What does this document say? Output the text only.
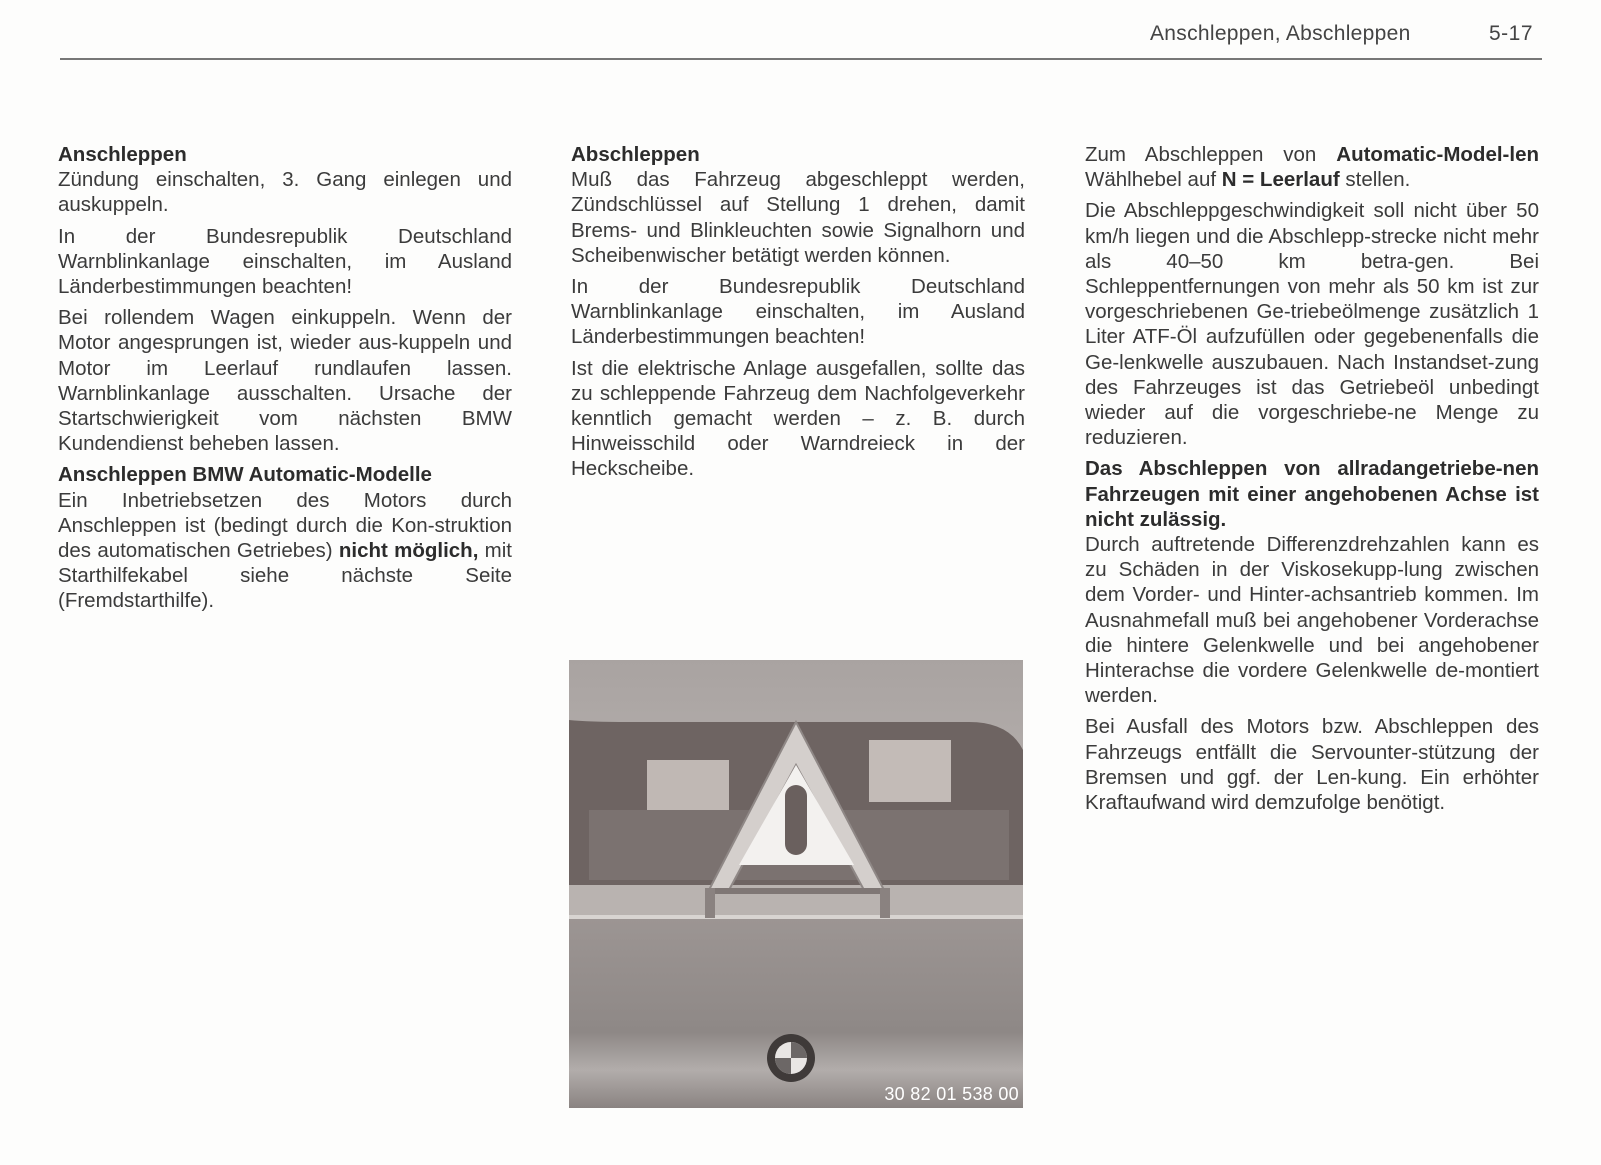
Anschleppen, Abschleppen	5-17
Anschleppen

Zündung einschalten, 3. Gang einlegen und auskuppeln.

In der Bundesrepublik Deutschland Warnblinkanlage einschalten, im Ausland Länderbestimmungen beachten!

Bei rollendem Wagen einkuppeln. Wenn der Motor angesprungen ist, wieder aus-kuppeln und Motor im Leerlauf rundlaufen lassen. Warnblinkanlage ausschalten. Ursache der Startschwierigkeit vom nächsten BMW Kundendienst beheben lassen.

Anschleppen BMW Automatic-Modelle

Ein Inbetriebsetzen des Motors durch Anschleppen ist (bedingt durch die Kon-struktion des automatischen Getriebes) nicht möglich, mit Starthilfekabel siehe nächste Seite (Fremdstarthilfe).

Abschleppen

Muß das Fahrzeug abgeschleppt werden, Zündschlüssel auf Stellung 1 drehen, damit Brems- und Blinkleuchten sowie Signalhorn und Scheibenwischer betätigt werden können.

In der Bundesrepublik Deutschland Warnblinkanlage einschalten, im Ausland Länderbestimmungen beachten!

Ist die elektrische Anlage ausgefallen, sollte das zu schleppende Fahrzeug dem Nachfolgeverkehr kenntlich gemacht werden – z. B. durch Hinweisschild oder Warndreieck in der Heckscheibe.

30 82 01 538 00

Zum Abschleppen von Automatic-Model-len Wählhebel auf N = Leerlauf stellen.

Die Abschleppgeschwindigkeit soll nicht über 50 km/h liegen und die Abschlepp-strecke nicht mehr als 40–50 km betra-gen. Bei Schleppentfernungen von mehr als 50 km ist zur vorgeschriebenen Ge-triebeölmenge zusätzlich 1 Liter ATF-Öl aufzufüllen oder gegebenenfalls die Ge-lenkwelle auszubauen. Nach Instandset-zung des Fahrzeuges ist das Getriebeöl unbedingt wieder auf die vorgeschriebe-ne Menge zu reduzieren.

Das Abschleppen von allradangetriebe-nen Fahrzeugen mit einer angehobenen Achse ist nicht zulässig.

Durch auftretende Differenzdrehzahlen kann es zu Schäden in der Viskosekupp-lung zwischen dem Vorder- und Hinter-achsantrieb kommen. Im Ausnahmefall muß bei angehobener Vorderachse die hintere Gelenkwelle und bei angehobener Hinterachse die vordere Gelenkwelle de-montiert werden.

Bei Ausfall des Motors bzw. Abschleppen des Fahrzeugs entfällt die Servounter-stützung der Bremsen und ggf. der Len-kung. Ein erhöhter Kraftaufwand wird demzufolge benötigt.
